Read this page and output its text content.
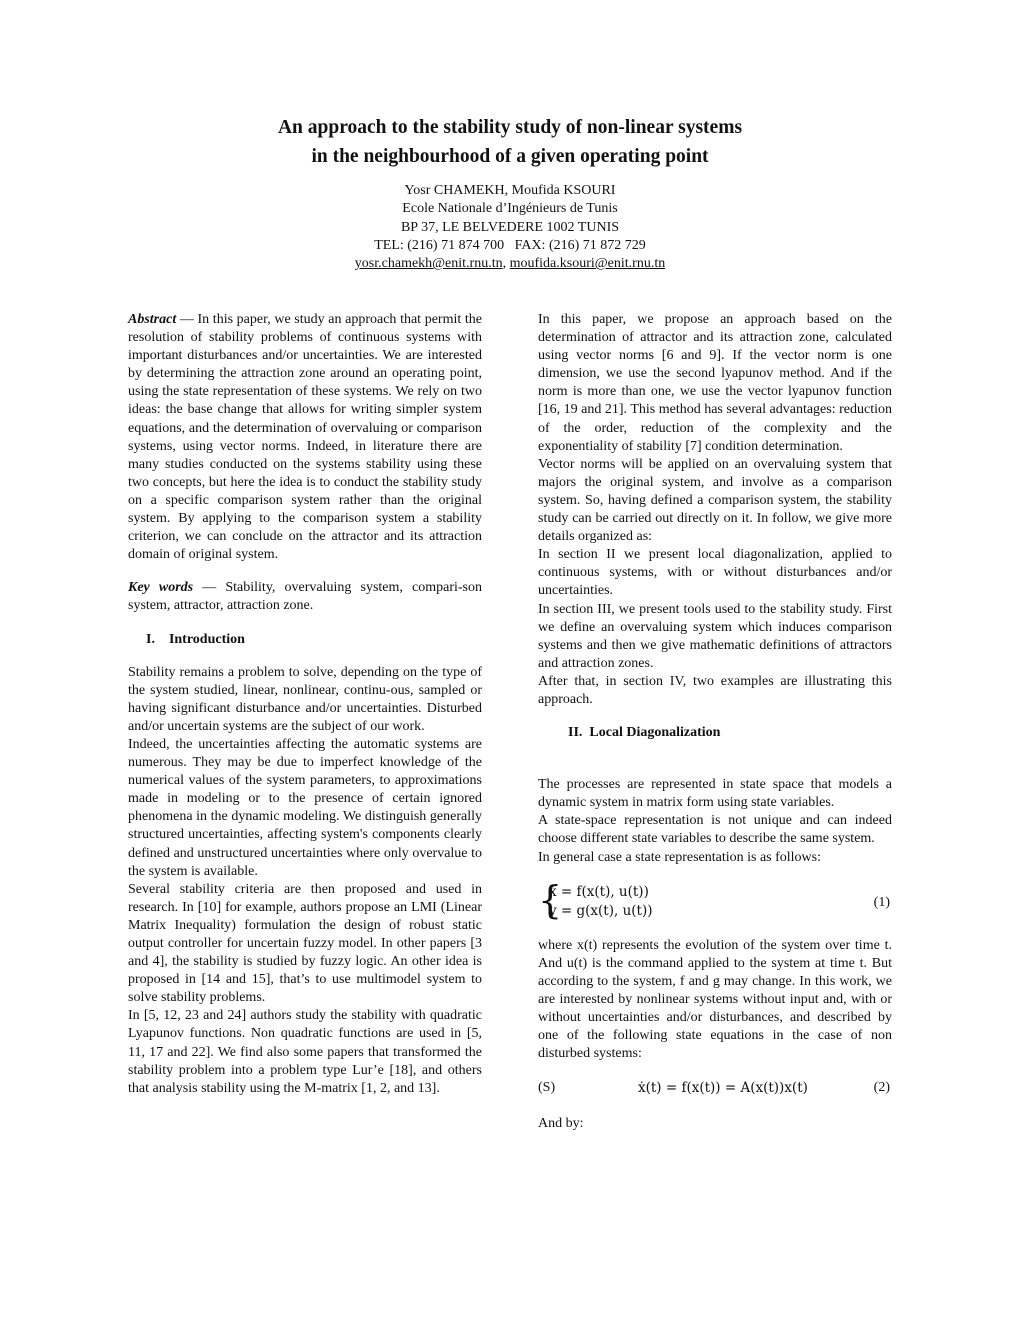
An approach to the stability study of non-linear systems
in the neighbourhood of a given operating point
Yosr CHAMEKH, Moufida KSOURI
Ecole Nationale d’Ingénieurs de Tunis
BP 37, LE BELVEDERE 1002 TUNIS
TEL: (216) 71 874 700 FAX: (216) 71 872 729
yosr.chamekh@enit.rnu.tn, moufida.ksouri@enit.rnu.tn

Abstract — In this paper, we study an approach that permit the resolution of stability problems of continuous systems with important disturbances and/or uncertainties. We are interested by determining the attraction zone around an operating point, using the state representation of these systems. We rely on two ideas: the base change that allows for writing simpler system equations, and the determination of overvaluing or comparison systems, using vector norms. Indeed, in literature there are many studies conducted on the systems stability using these two concepts, but here the idea is to conduct the stability study on a specific comparison system rather than the original system. By applying to the comparison system a stability criterion, we can conclude on the attractor and its attraction domain of original system.

Key words — Stability, overvaluing system, compari-son system, attractor, attraction zone.

I.    Introduction

Stability remains a problem to solve, depending on the type of the system studied, linear, nonlinear, continu-ous, sampled or having significant disturbance and/or uncertainties. Disturbed and/or uncertain systems are the subject of our work.

Indeed, the uncertainties affecting the automatic systems are numerous. They may be due to imperfect knowledge of the numerical values of the system parameters, to approximations made in modeling or to the presence of certain ignored phenomena in the dynamic modeling. We distinguish generally structured uncertainties, affecting system's components clearly defined and unstructured uncertainties where only overvalue to the system is available.

Several stability criteria are then proposed and used in research. In [10] for example, authors propose an LMI (Linear Matrix Inequality) formulation the design of robust static output controller for uncertain fuzzy model. In other papers [3 and 4], the stability is studied by fuzzy logic. An other idea is proposed in [14 and 15], that’s to use multimodel system to solve stability problems.

In [5, 12, 23 and 24] authors study the stability with quadratic Lyapunov functions. Non quadratic functions are used in [5, 11, 17 and 22]. We find also some papers that transformed the stability problem into a problem type Lur’e [18], and others that analysis stability using the M-matrix [1, 2, and 13].

In this paper, we propose an approach based on the determination of attractor and its attraction zone, calculated using vector norms [6 and 9]. If the vector norm is one dimension, we use the second lyapunov method. And if the norm is more than one, we use the vector lyapunov function [16, 19 and 21]. This method has several advantages: reduction of the order, reduction of the complexity and the exponentiality of stability [7] condition determination.

Vector norms will be applied on an overvaluing system that majors the original system, and involve as a comparison system. So, having defined a comparison system, the stability study can be carried out directly on it. In follow, we give more details organized as:

In section II we present local diagonalization, applied to continuous systems, with or without disturbances and/or uncertainties.

In section III, we present tools used to the stability study. First we define an overvaluing system which induces comparison systems and then we give mathematic definitions of attractors and attraction zones.

After that, in section IV, two examples are illustrating this approach.

II.  Local Diagonalization

The processes are represented in state space that models a dynamic system in matrix form using state variables.

A state-space representation is not unique and can indeed choose different state variables to describe the same system.

In general case a state representation is as follows:

{
ẋ = f(x(t), u(t))
y = g(x(t), u(t))
(1)

where x(t) represents the evolution of the system over time t. And u(t) is the command applied to the system at time t. But according to the system, f and g may change. In this work, we are interested by nonlinear systems without input and, with or without uncertainties and/or disturbances, and described by one of the following state equations in the case of non disturbed systems:

(S)	ẋ(t) = f(x(t)) = A(x(t))x(t)	(2)

And by:
